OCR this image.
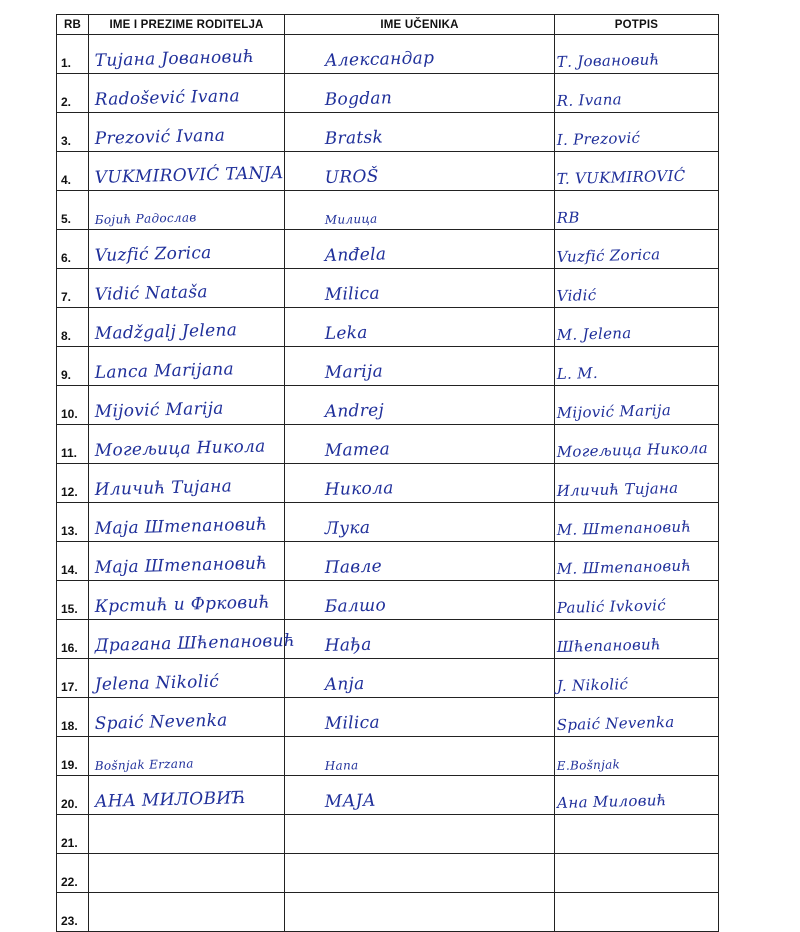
RB	IME I PREZIME RODITELJA	IME UČENIKA	POTPIS
1.	Тијана Јовановић	Александар	Т. Јовановић

2.	Radošević Ivana	Bogdan	R. Ivana

3.	Prezović Ivana	Bratsk	I. Prezović

4.	VUKMIROVIĆ TANJA	UROŠ	T. VUKMIROVIĆ

5.	Бојић Радослав	Милица	RB

6.	Vuzfić Zorica	Anđela	Vuzfić Zorica

7.	Vidić Nataša	Milica	Vidić

8.	Madžgalj Jelena	Leka	M. Jelena

9.	Lanca Marijana	Marija	L. M.

10.	Mijović Marija	Andrej	Mijović Marija

11.	Могељица Никола	Матеа	Могељица Никола

12.	Иличић Тијана	Никола	Иличић Тијана

13.	Маја Штепановић	Лука	М. Штепановић

14.	Маја Штепановић	Павле	М. Штепановић

15.	Крстић и Фрковић	Балшо	Paulić Ivković

16.	Драгана Шћепановић	Нађа	Шћепановић

17.	Jelena Nikolić	Anja	J. Nikolić

18.	Spaić Nevenka	Milica	Spaić Nevenka

19.	Bošnjak Erzana	Hana	E.Bošnjak

20.	АНА МИЛОВИЋ	МАЈА	Ана Миловић

21.	

22.	

23.	
